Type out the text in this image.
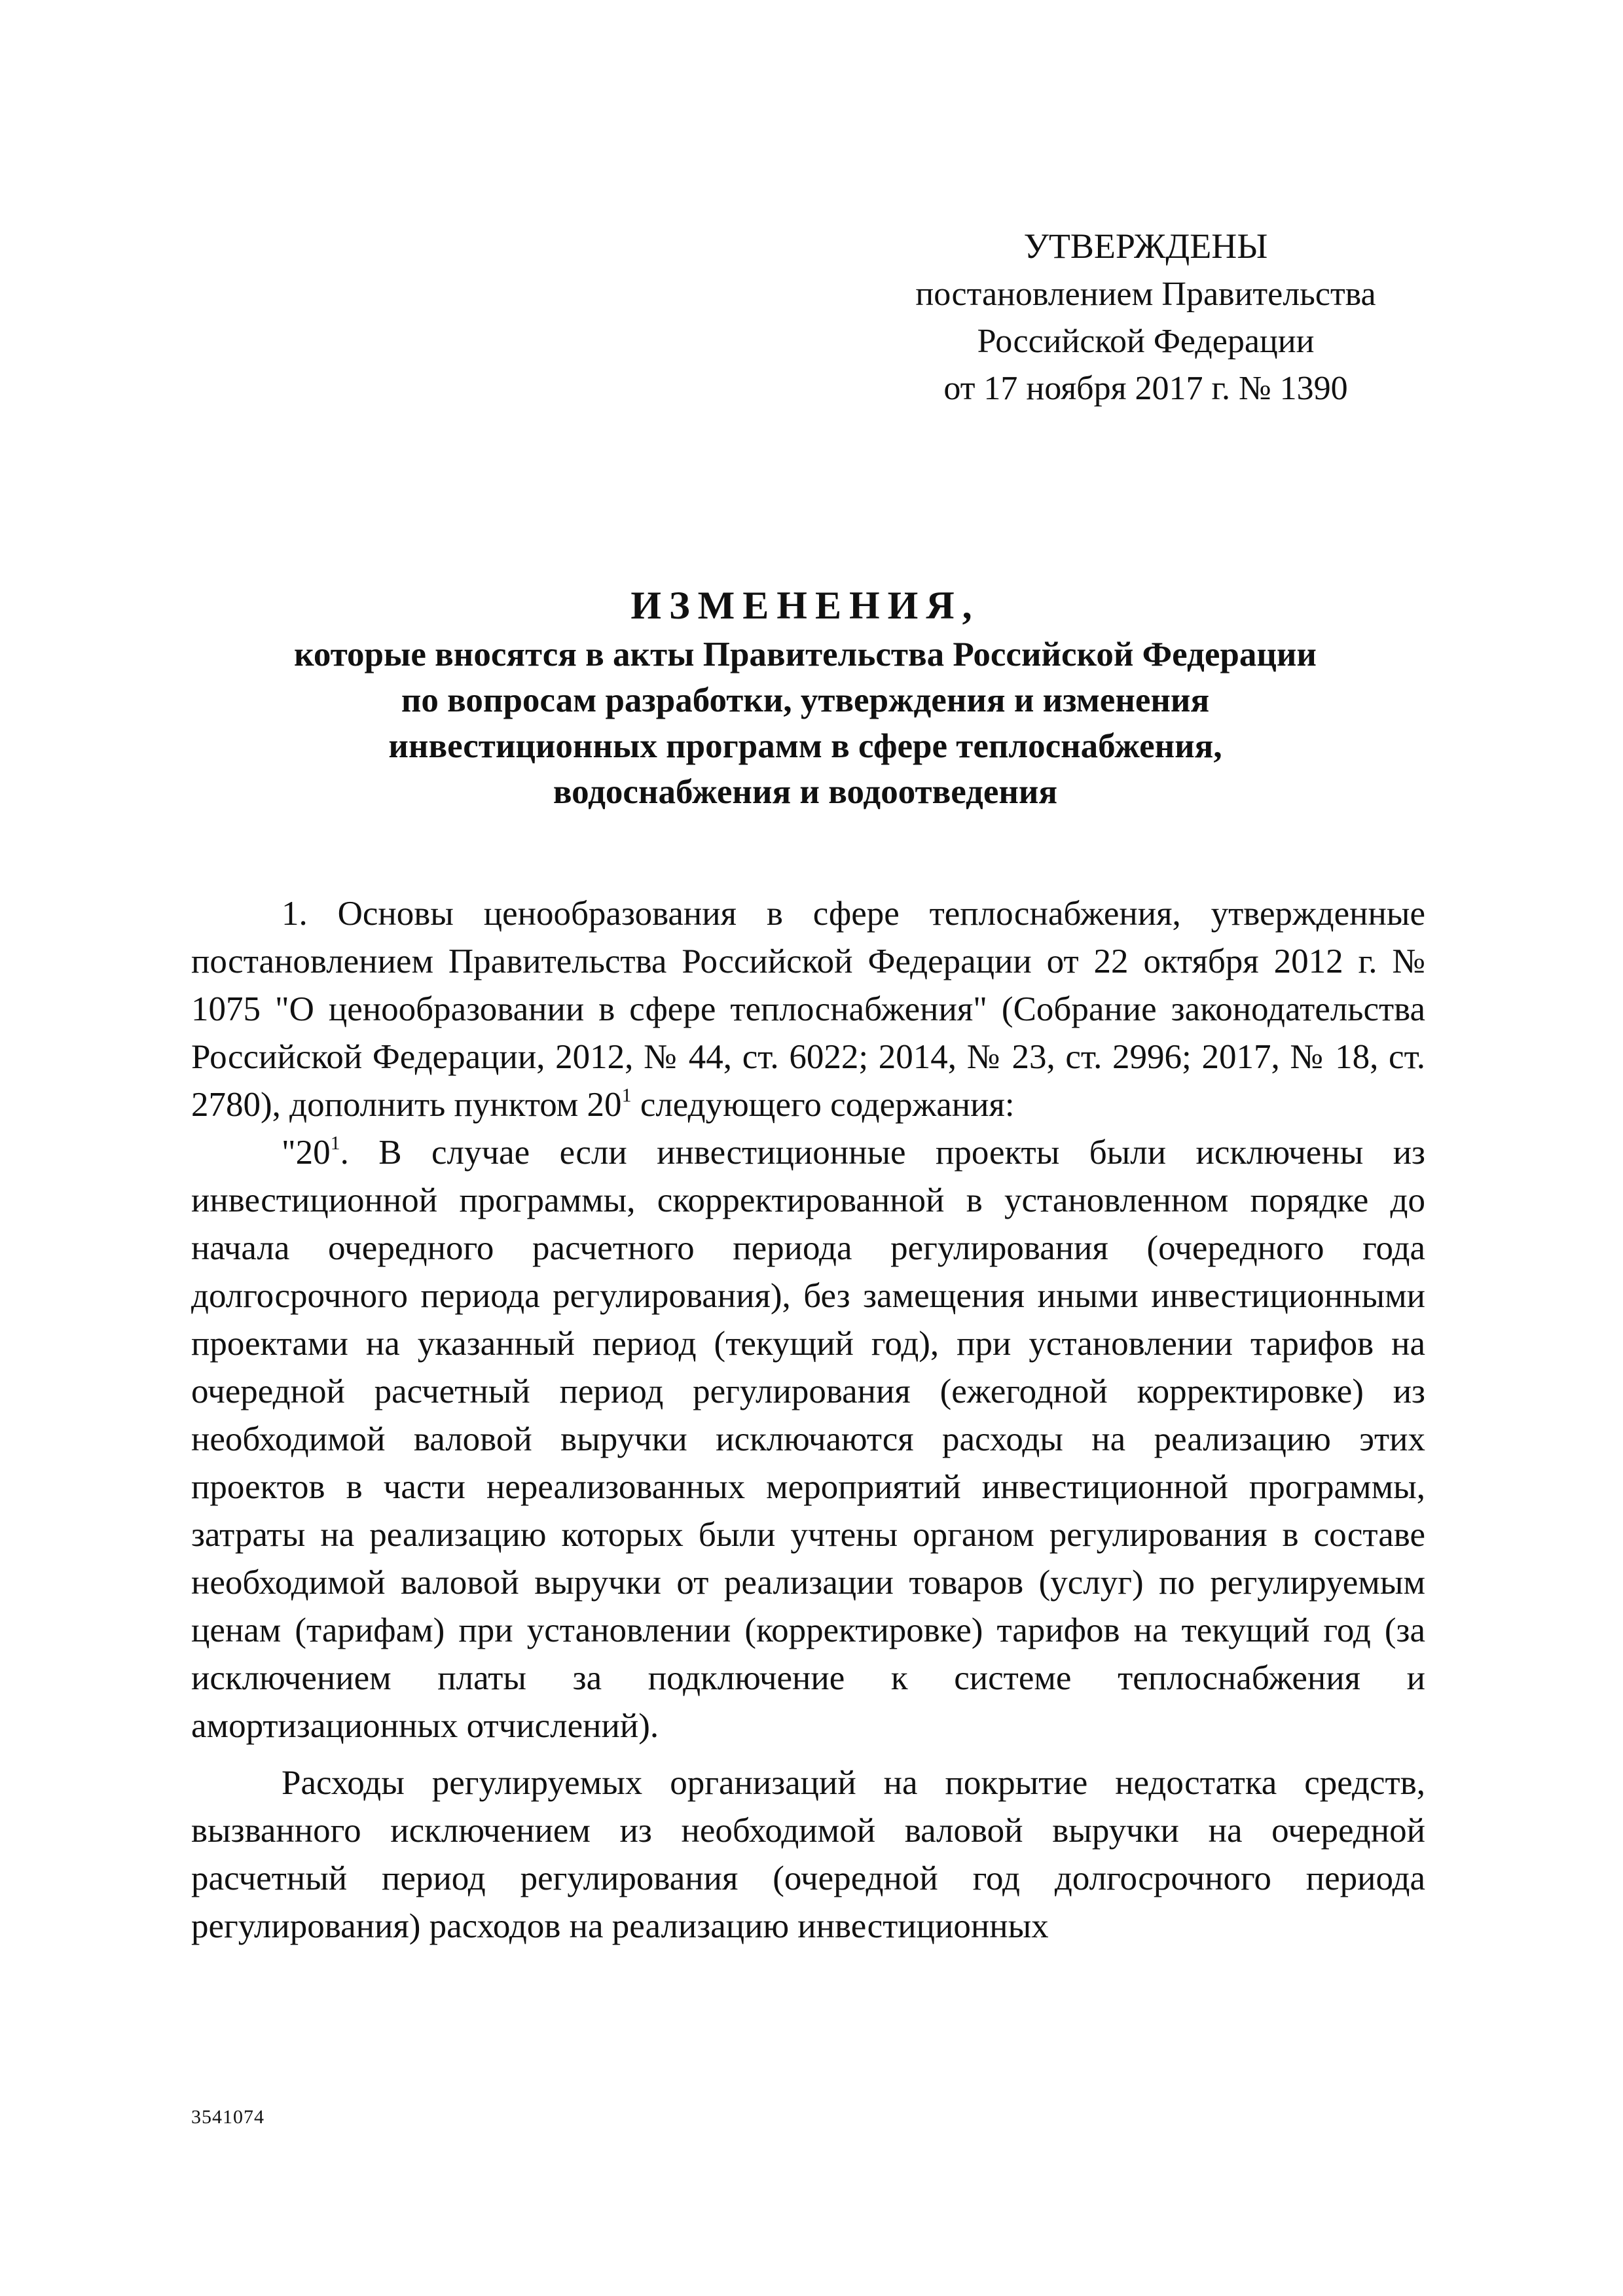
УТВЕРЖДЕНЫ
постановлением Правительства
Российской Федерации
от 17 ноября 2017 г. № 1390
ИЗМЕНЕНИЯ,
которые вносятся в акты Правительства Российской Федерации
по вопросам разработки, утверждения и изменения
инвестиционных программ в сфере теплоснабжения,
водоснабжения и водоотведения

1. Основы ценообразования в сфере теплоснабжения, утвержденные постановлением Правительства Российской Федерации от 22 октября 2012 г. № 1075 "О ценообразовании в сфере теплоснабжения" (Собрание законодательства Российской Федерации, 2012, № 44, ст. 6022; 2014, № 23, ст. 2996; 2017, № 18, ст. 2780), дополнить пунктом $20^1$ следующего содержания:

"$20^1$. В случае если инвестиционные проекты были исключены из инвестиционной программы, скорректированной в установленном порядке до начала очередного расчетного периода регулирования (очередного года долгосрочного периода регулирования), без замещения иными инвестиционными проектами на указанный период (текущий год), при установлении тарифов на очередной расчетный период регулирования (ежегодной корректировке) из необходимой валовой выручки исключаются расходы на реализацию этих проектов в части нереализованных мероприятий инвестиционной программы, затраты на реализацию которых были учтены органом регулирования в составе необходимой валовой выручки от реализации товаров (услуг) по регулируемым ценам (тарифам) при установлении (корректировке) тарифов на текущий год (за исключением платы за подключение к системе теплоснабжения и амортизационных отчислений).

Расходы регулируемых организаций на покрытие недостатка средств, вызванного исключением из необходимой валовой выручки на очередной расчетный период регулирования (очередной год долгосрочного периода регулирования) расходов на реализацию инвестиционных

3541074
